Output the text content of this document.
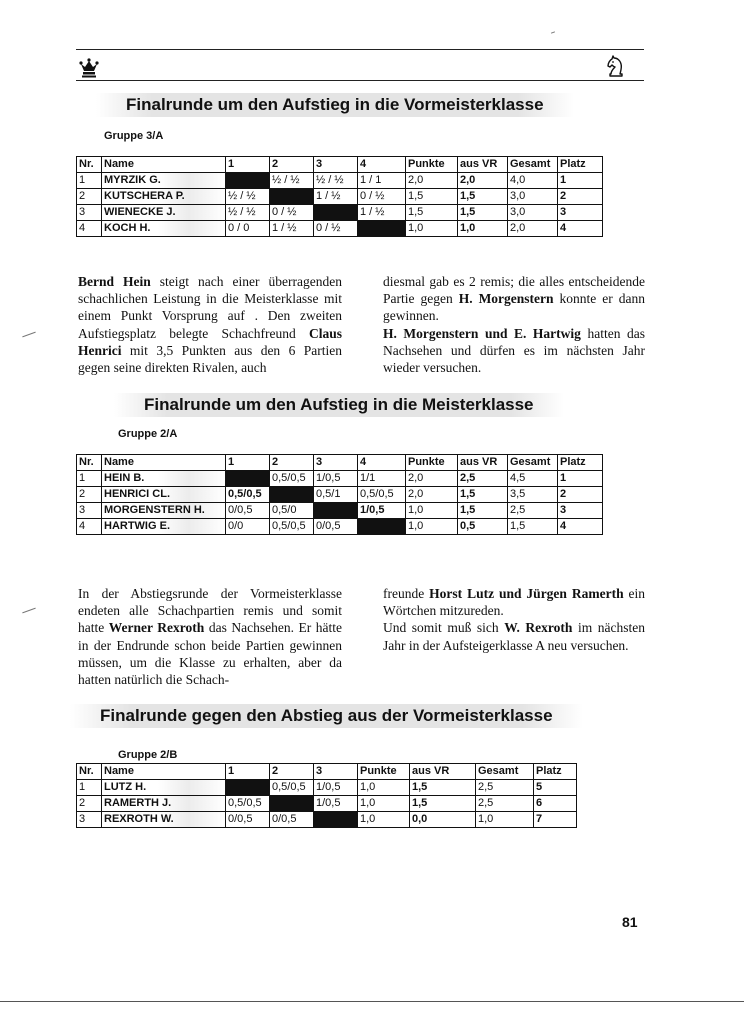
Finalrunde um den Aufstieg in die Vormeisterklasse
Gruppe 3/A
Nr.	Name	1	2	3	4	Punkte	aus VR	Gesamt	Platz
1	MYRZIK G.		½ / ½	½ / ½	1 / 1	2,0	2,0	4,0	1
2	KUTSCHERA P.	½ / ½		1 / ½	0 / ½	1,5	1,5	3,0	2
3	WIENECKE J.	½ / ½	0 / ½		1 / ½	1,5	1,5	3,0	3
4	KOCH H.	0 / 0	1 / ½	0 / ½		1,0	1,0	2,0	4
Bernd Hein steigt nach einer überragenden schachlichen Leistung in die Meisterklasse mit einem Punkt Vorsprung auf . Den zweiten Aufstiegsplatz belegte Schachfreund Claus Henrici mit 3,5 Punkten aus den 6 Partien gegen seine direkten Rivalen, auch
diesmal gab es 2 remis; die alles entscheidende Partie gegen H. Morgenstern konnte er dann gewinnen.
H. Morgenstern und E. Hartwig hatten das Nachsehen und dürfen es im nächsten Jahr wieder versuchen.
Finalrunde um den Aufstieg in die Meisterklasse
Gruppe 2/A
Nr.	Name	1	2	3	4	Punkte	aus VR	Gesamt	Platz
1	HEIN B.		0,5/0,5	1/0,5	1/1	2,0	2,5	4,5	1
2	HENRICI CL.	0,5/0,5		0,5/1	0,5/0,5	2,0	1,5	3,5	2
3	MORGENSTERN H.	0/0,5	0,5/0		1/0,5	1,0	1,5	2,5	3
4	HARTWIG E.	0/0	0,5/0,5	0/0,5		1,0	0,5	1,5	4
In der Abstiegsrunde der Vormeisterklasse endeten alle Schachpartien remis und somit hatte Werner Rexroth das Nachsehen. Er hätte in der Endrunde schon beide Partien gewinnen müssen, um die Klasse zu erhalten, aber da hatten natürlich die Schach-
freunde Horst Lutz und Jürgen Ramerth ein Wörtchen mitzureden.
Und somit muß sich W. Rexroth im nächsten Jahr in der Aufsteigerklasse A neu versuchen.
Finalrunde gegen den Abstieg aus der Vormeisterklasse
Gruppe 2/B
Nr.	Name	1	2	3	Punkte	aus VR	Gesamt	Platz
1	LUTZ H.		0,5/0,5	1/0,5	1,0	1,5	2,5	5
2	RAMERTH J.	0,5/0,5		1/0,5	1,0	1,5	2,5	6
3	REXROTH W.	0/0,5	0/0,5		1,0	0,0	1,0	7
81
